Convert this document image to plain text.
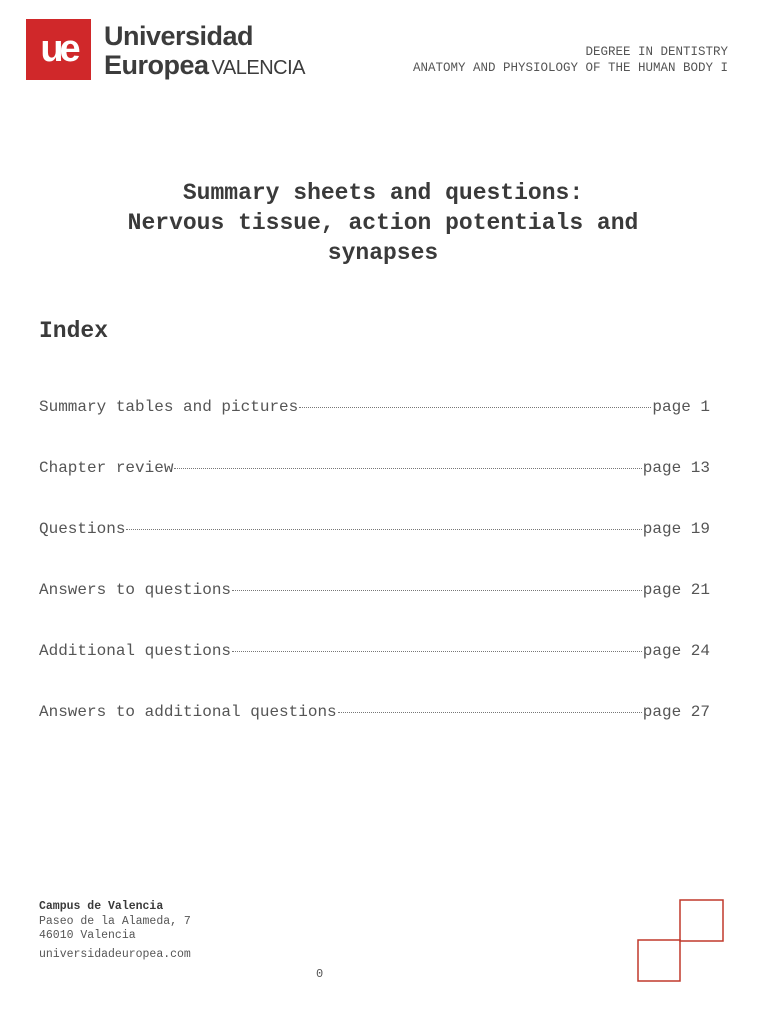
ue	Universidad
Europea VALENCIA
DEGREE IN DENTISTRY
ANATOMY AND PHYSIOLOGY OF THE HUMAN BODY I
Summary sheets and questions:
Nervous tissue, action potentials and
synapses
Index
Summary tables and pictures	page 1
Chapter review	page 13
Questions	page 19
Answers to questions	page 21
Additional questions	page 24
Answers to additional questions	page 27
Campus de Valencia
Paseo de la Alameda, 7
46010 Valencia
universidadeuropea.com
0
